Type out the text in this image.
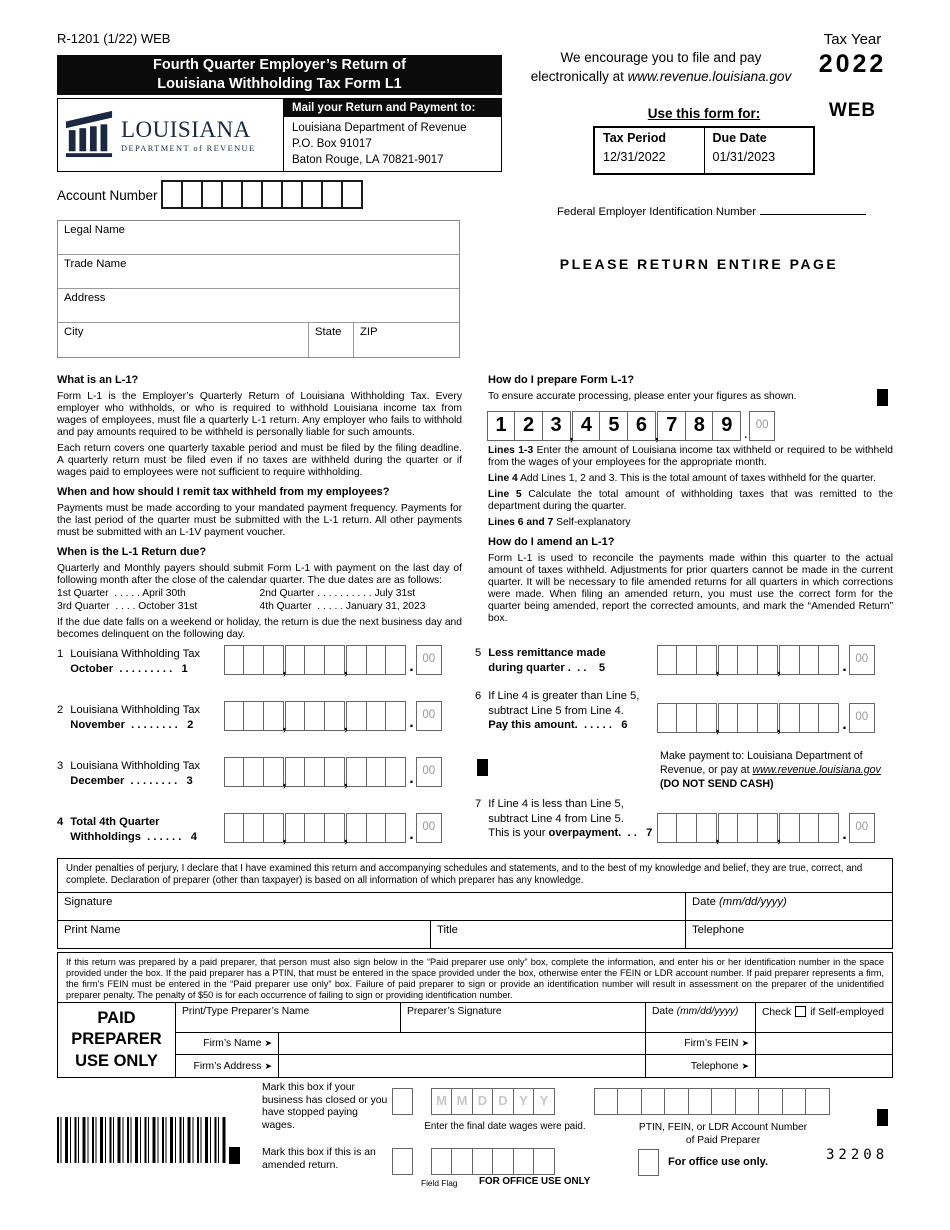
R-1201 (1/22) WEB
Fourth Quarter Employer’s Return of
Louisiana Withholding Tax Form L1
We encourage you to file and pay
electronically at www.revenue.louisiana.gov
Tax Year
2022
WEB
LOUISIANA
DEPARTMENT of REVENUE
Mail your Return and Payment to:
Louisiana Department of Revenue
P.O. Box 91017
Baton Rouge, LA 70821-9017
Use this form for:
Tax Period
12/31/2022
Due Date
01/31/2023
Account Number
Federal Employer Identification Number
Legal Name
Trade Name
Address
City	State	ZIP
PLEASE RETURN ENTIRE PAGE
What is an L-1?

Form L-1 is the Employer’s Quarterly Return of Louisiana Withholding Tax. Every employer who withholds, or who is required to withhold Louisiana income tax from wages of employees, must file a quarterly L-1 return. Any employer who fails to withhold and pay amounts required to be withheld is personally liable for such amounts.

Each return covers one quarterly taxable period and must be filed by the filing deadline. A quarterly return must be filed even if no taxes are withheld during the quarter or if wages paid to employees were not sufficient to require withholding.

When and how should I remit tax withheld from my employees?

Payments must be made according to your mandated payment frequency. Payments for the last period of the quarter must be submitted with the L-1 return. All other payments must be submitted with an L-1V payment voucher.

When is the L-1 Return due?

Quarterly and Monthly payers should submit Form L-1 with payment on the last day of following month after the close of the calendar quarter. The due dates are as follows:

1st Quarter  . . . . . April 30th	2nd Quarter . . . . . . . . . . July 31st
3rd Quarter  . . . . October 31st	4th Quarter  . . . . . January 31, 2023

If the due date falls on a weekend or holiday, the return is due the next business day and becomes delinquent on the following day.

How do I prepare Form L-1?

To ensure accurate processing, please enter your figures as shown.

1 2 3 , 4 5 6 , 7 8 9	.
00

Lines 1-3 Enter the amount of Louisiana income tax withheld or required to be withheld from the wages of your employees for the appropriate month.

Line 4 Add Lines 1, 2 and 3. This is the total amount of taxes withheld for the quarter.

Line 5 Calculate the total amount of withholding taxes that was remitted to the department during the quarter.

Lines 6 and 7 Self-explanatory

How do I amend an L-1?

Form L-1 is used to reconcile the payments made within this quarter to the actual amount of taxes withheld. Adjustments for prior quarters cannot be made in the current quarter. It will be necessary to file amended returns for all quarters in which corrections were made. When filing an amended return, you must use the correct form for the quarter being amended, report the corrected amounts, and mark the “Amended Return” box.

1 Louisiana Withholding Tax
October  . . . . . . . . .   1	,	,	. 00
2 Louisiana Withholding Tax
November  . . . . . . . .   2	,	,	. 00
3 Louisiana Withholding Tax
December  . . . . . . . .   3	,	,	. 00
4 Total 4th Quarter
Withholdings  . . . . . .   4	,	,	. 00
5 Less remittance made
during quarter .  . .    5	,	,	. 00
6 If Line 4 is greater than Line 5,
subtract Line 5 from Line 4.
Pay this amount.  . . . . .   6	,	,	. 00
Make payment to: Louisiana Department of Revenue, or pay at www.revenue.louisiana.gov
(DO NOT SEND CASH)
7 If Line 4 is less than Line 5,
subtract Line 4 from Line 5.
This is your overpayment.  . .   7	,	,	. 00
Under penalties of perjury, I declare that I have examined this return and accompanying schedules and statements, and to the best of my knowledge and belief, they are true, correct, and complete. Declaration of preparer (other than taxpayer) is based on all information of which preparer has any knowledge.
Signature	Date (mm/dd/yyyy)
Print Name	Title	Telephone
If this return was prepared by a paid preparer, that person must also sign below in the “Paid preparer use only” box, complete the information, and enter his or her identification number in the space provided under the box. If the paid preparer has a PTIN, that must be entered in the space provided under the box, otherwise enter the FEIN or LDR account number. If paid preparer represents a firm, the firm’s FEIN must be entered in the “Paid preparer use only” box. Failure of paid preparer to sign or provide an identification number will result in assessment on the preparer of the unidentified preparer penalty. The penalty of $50 is for each occurrence of failing to sign or providing identification number.
PAID
PREPARER
USE ONLY
Print/Type Preparer’s Name	Preparer’s Signature	Date (mm/dd/yyyy)	Check if Self-employed
Firm’s Name ➤	Firm’s FEIN ➤
Firm’s Address ➤	Telephone ➤
Mark this box if your business has closed or you have stopped paying wages.
M M D D Y Y
Enter the final date wages were paid.	PTIN, FEIN, or LDR Account Number
of Paid Preparer
Mark this box if this is an amended return.
Field Flag FOR OFFICE USE ONLY
For office use only.	32208
